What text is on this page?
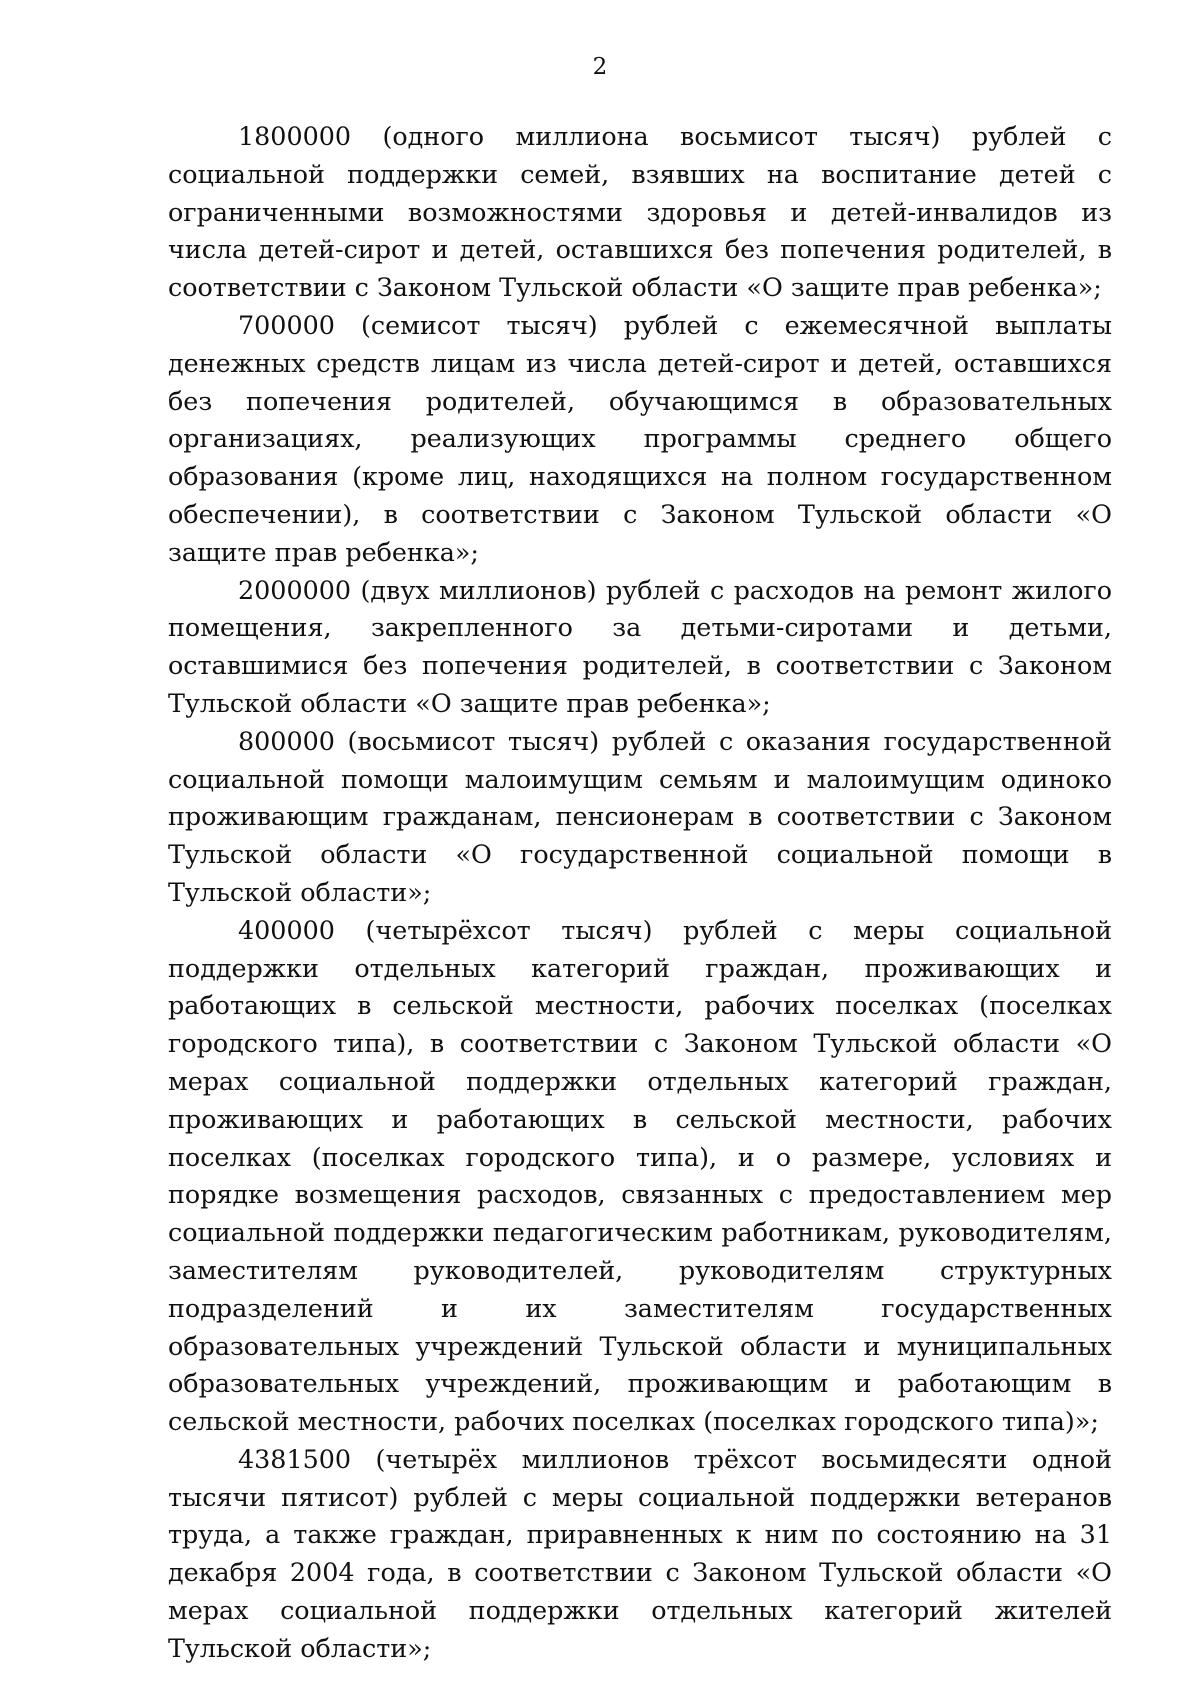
2

1800000 (одного миллиона восьмисот тысяч) рублей с социальной поддержки семей, взявших на воспитание детей с ограниченными возможностями здоровья и детей-инвалидов из числа детей-сирот и детей, оставшихся без попечения родителей, в соответствии с Законом Тульской области «О защите прав ребенка»;

700000 (семисот тысяч) рублей с ежемесячной выплаты денежных средств лицам из числа детей-сирот и детей, оставшихся без попечения родителей, обучающимся в образовательных организациях, реализующих программы среднего общего образования (кроме лиц, находящихся на полном государственном обеспечении), в соответствии с Законом Тульской области «О защите прав ребенка»;

2000000 (двух миллионов) рублей с расходов на ремонт жилого помещения, закрепленного за детьми-сиротами и детьми, оставшимися без попечения родителей, в соответствии с Законом Тульской области «О защите прав ребенка»;

800000 (восьмисот тысяч) рублей с оказания государственной социальной помощи малоимущим семьям и малоимущим одиноко проживающим гражданам, пенсионерам в соответствии с Законом Тульской области «О государственной социальной помощи в Тульской области»;

400000 (четырёхсот тысяч) рублей с меры социальной поддержки отдельных категорий граждан, проживающих и работающих в сельской местности, рабочих поселках (поселках городского типа), в соответствии с Законом Тульской области «О мерах социальной поддержки отдельных категорий граждан, проживающих и работающих в сельской местности, рабочих поселках (поселках городского типа), и о размере, условиях и порядке возмещения расходов, связанных с предоставлением мер социальной поддержки педагогическим работникам, руководителям, заместителям руководителей, руководителям структурных подразделений и их заместителям государственных образовательных учреждений Тульской области и муниципальных образовательных учреждений, проживающим и работающим в сельской местности, рабочих поселках (поселках городского типа)»;

4381500 (четырёх миллионов трёхсот восьмидесяти одной тысячи пятисот) рублей с меры социальной поддержки ветеранов труда, а также граждан, приравненных к ним по состоянию на 31 декабря 2004 года, в соответствии с Законом Тульской области «О мерах социальной поддержки отдельных категорий жителей Тульской области»;
